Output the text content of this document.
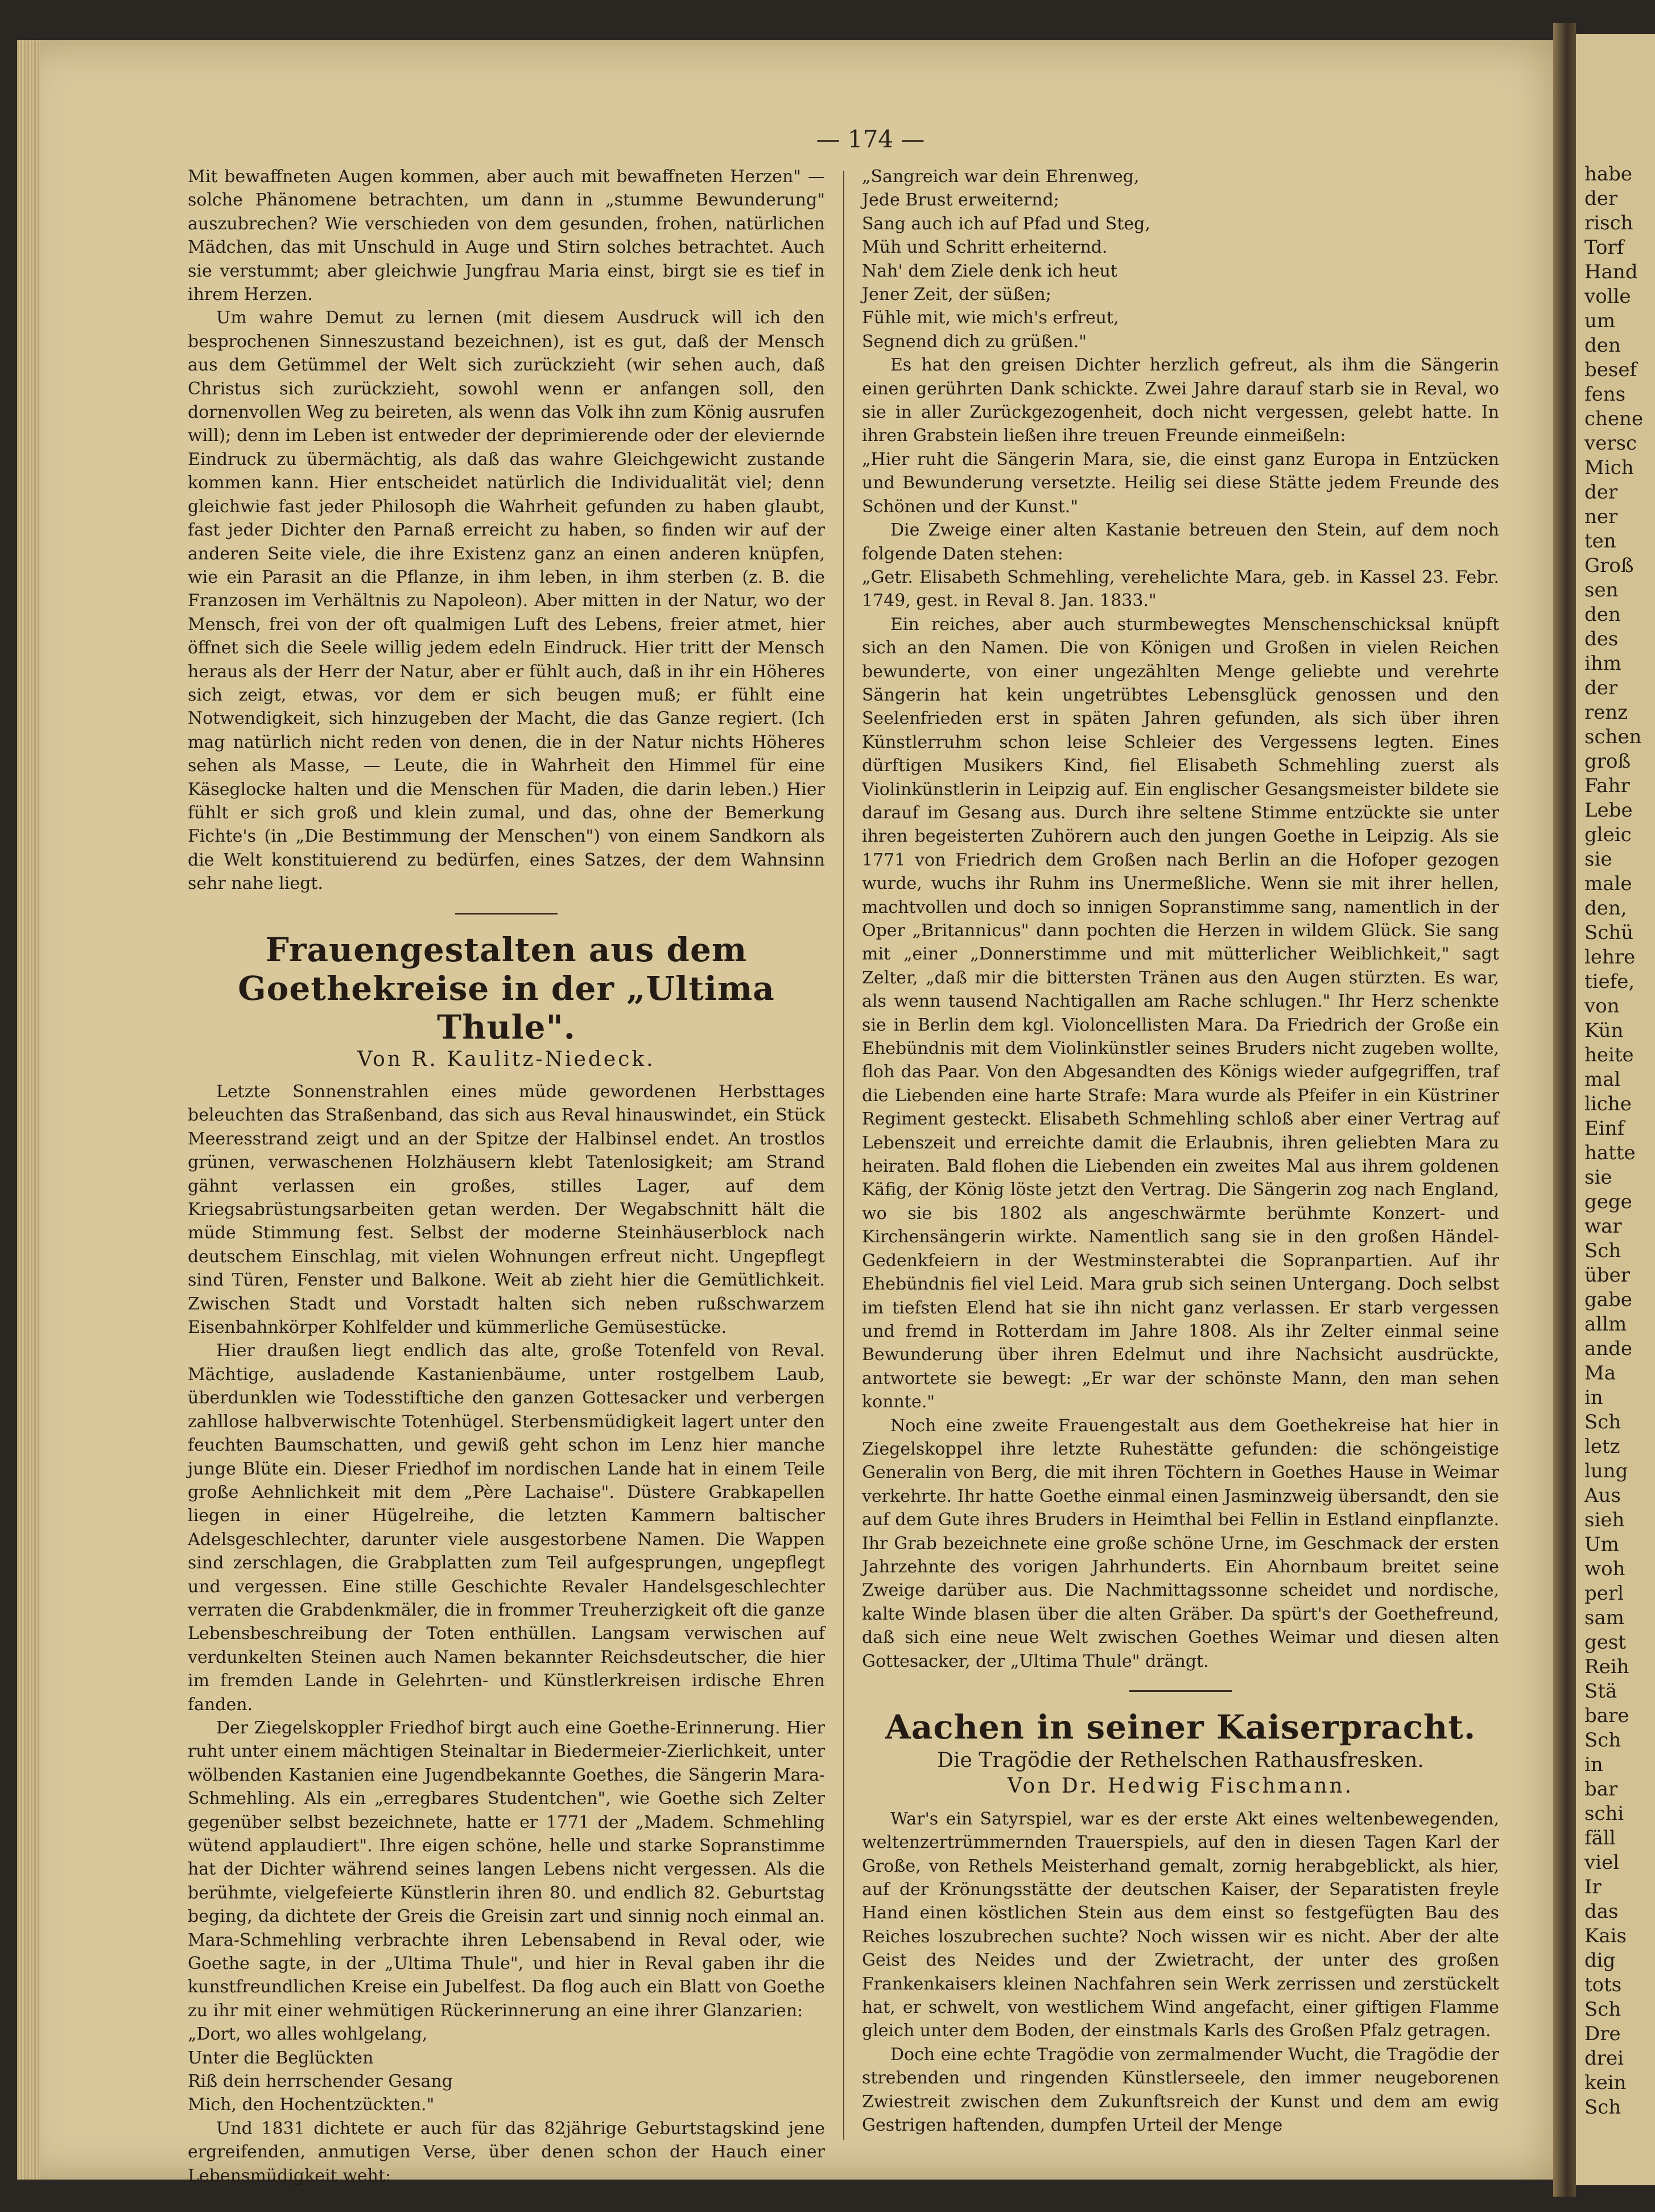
— 174 —

Mit bewaffneten Augen kommen, aber auch mit bewaffneten Herzen" — solche Phänomene betrachten, um dann in „stumme Bewunderung" auszubrechen? Wie verschieden von dem gesunden, frohen, natürlichen Mädchen, das mit Unschuld in Auge und Stirn solches betrachtet. Auch sie verstummt; aber gleichwie Jungfrau Maria einst, birgt sie es tief in ihrem Herzen.

Um wahre Demut zu lernen (mit diesem Ausdruck will ich den besprochenen Sinneszustand bezeichnen), ist es gut, daß der Mensch aus dem Getümmel der Welt sich zurückzieht (wir sehen auch, daß Christus sich zurückzieht, sowohl wenn er anfangen soll, den dornenvollen Weg zu beireten, als wenn das Volk ihn zum König ausrufen will); denn im Leben ist entweder der deprimierende oder der eleviernde Eindruck zu übermächtig, als daß das wahre Gleichgewicht zustande kommen kann. Hier entscheidet natürlich die Individualität viel; denn gleichwie fast jeder Philosoph die Wahrheit gefunden zu haben glaubt, fast jeder Dichter den Parnaß erreicht zu haben, so finden wir auf der anderen Seite viele, die ihre Existenz ganz an einen anderen knüpfen, wie ein Parasit an die Pflanze, in ihm leben, in ihm sterben (z. B. die Franzosen im Verhältnis zu Napoleon). Aber mitten in der Natur, wo der Mensch, frei von der oft qualmigen Luft des Lebens, freier atmet, hier öffnet sich die Seele willig jedem edeln Eindruck. Hier tritt der Mensch heraus als der Herr der Natur, aber er fühlt auch, daß in ihr ein Höheres sich zeigt, etwas, vor dem er sich beugen muß; er fühlt eine Notwendigkeit, sich hinzugeben der Macht, die das Ganze regiert. (Ich mag natürlich nicht reden von denen, die in der Natur nichts Höheres sehen als Masse, — Leute, die in Wahrheit den Himmel für eine Käseglocke halten und die Menschen für Maden, die darin leben.) Hier fühlt er sich groß und klein zumal, und das, ohne der Bemerkung Fichte's (in „Die Bestimmung der Menschen") von einem Sandkorn als die Welt konstituierend zu bedürfen, eines Satzes, der dem Wahnsinn sehr nahe liegt.

Frauengestalten aus dem Goethekreise in der „Ultima Thule".
Von R. Kaulitz-Niedeck.

Letzte Sonnenstrahlen eines müde gewordenen Herbsttages beleuchten das Straßenband, das sich aus Reval hinauswindet, ein Stück Meeresstrand zeigt und an der Spitze der Halbinsel endet. An trostlos grünen, verwaschenen Holzhäusern klebt Tatenlosigkeit; am Strand gähnt verlassen ein großes, stilles Lager, auf dem Kriegsabrüstungsarbeiten getan werden. Der Wegabschnitt hält die müde Stimmung fest. Selbst der moderne Steinhäuserblock nach deutschem Einschlag, mit vielen Wohnungen erfreut nicht. Ungepflegt sind Türen, Fenster und Balkone. Weit ab zieht hier die Gemütlichkeit. Zwischen Stadt und Vorstadt halten sich neben rußschwarzem Eisenbahnkörper Kohlfelder und kümmerliche Gemüsestücke.

Hier draußen liegt endlich das alte, große Totenfeld von Reval. Mächtige, ausladende Kastanienbäume, unter rostgelbem Laub, überdunklen wie Todesstiftiche den ganzen Gottesacker und verbergen zahllose halbverwischte Totenhügel. Sterbensmüdigkeit lagert unter den feuchten Baumschatten, und gewiß geht schon im Lenz hier manche junge Blüte ein. Dieser Friedhof im nordischen Lande hat in einem Teile große Aehnlichkeit mit dem „Père Lachaise". Düstere Grabkapellen liegen in einer Hügelreihe, die letzten Kammern baltischer Adelsgeschlechter, darunter viele ausgestorbene Namen. Die Wappen sind zerschlagen, die Grabplatten zum Teil aufgesprungen, ungepflegt und vergessen. Eine stille Geschichte Revaler Handelsgeschlechter verraten die Grabdenkmäler, die in frommer Treuherzigkeit oft die ganze Lebensbeschreibung der Toten enthüllen. Langsam verwischen auf verdunkelten Steinen auch Namen bekannter Reichsdeutscher, die hier im fremden Lande in Gelehrten- und Künstlerkreisen irdische Ehren fanden.

Der Ziegelskoppler Friedhof birgt auch eine Goethe-Erinnerung. Hier ruht unter einem mächtigen Steinaltar in Biedermeier-Zierlichkeit, unter wölbenden Kastanien eine Jugendbekannte Goethes, die Sängerin Mara-Schmehling. Als ein „erregbares Studentchen", wie Goethe sich Zelter gegenüber selbst bezeichnete, hatte er 1771 der „Madem. Schmehling wütend applaudiert". Ihre eigen schöne, helle und starke Sopranstimme hat der Dichter während seines langen Lebens nicht vergessen. Als die berühmte, vielgefeierte Künstlerin ihren 80. und endlich 82. Geburtstag beging, da dichtete der Greis die Greisin zart und sinnig noch einmal an. Mara-Schmehling verbrachte ihren Lebensabend in Reval oder, wie Goethe sagte, in der „Ultima Thule", und hier in Reval gaben ihr die kunstfreundlichen Kreise ein Jubelfest. Da flog auch ein Blatt von Goethe zu ihr mit einer wehmütigen Rückerinnerung an eine ihrer Glanzarien:

„Dort, wo alles wohlgelang,
Unter die Beglückten
Riß dein herrschender Gesang
Mich, den Hochentzückten."

Und 1831 dichtete er auch für das 82jährige Geburtstagskind jene ergreifenden, anmutigen Verse, über denen schon der Hauch einer Lebensmüdigkeit weht:

„Sangreich war dein Ehrenweg,
Jede Brust erweiternd;
Sang auch ich auf Pfad und Steg,
Müh und Schritt erheiternd.
Nah' dem Ziele denk ich heut
Jener Zeit, der süßen;
Fühle mit, wie mich's erfreut,
Segnend dich zu grüßen."

Es hat den greisen Dichter herzlich gefreut, als ihm die Sängerin einen gerührten Dank schickte. Zwei Jahre darauf starb sie in Reval, wo sie in aller Zurückgezogenheit, doch nicht vergessen, gelebt hatte. In ihren Grabstein ließen ihre treuen Freunde einmeißeln:

„Hier ruht die Sängerin Mara, sie, die einst ganz Europa in Entzücken und Bewunderung versetzte. Heilig sei diese Stätte jedem Freunde des Schönen und der Kunst."

Die Zweige einer alten Kastanie betreuen den Stein, auf dem noch folgende Daten stehen:

„Getr. Elisabeth Schmehling, verehelichte Mara, geb. in Kassel 23. Febr. 1749, gest. in Reval 8. Jan. 1833."

Ein reiches, aber auch sturmbewegtes Menschenschicksal knüpft sich an den Namen. Die von Königen und Großen in vielen Reichen bewunderte, von einer ungezählten Menge geliebte und verehrte Sängerin hat kein ungetrübtes Lebensglück genossen und den Seelenfrieden erst in späten Jahren gefunden, als sich über ihren Künstlerruhm schon leise Schleier des Vergessens legten. Eines dürftigen Musikers Kind, fiel Elisabeth Schmehling zuerst als Violinkünstlerin in Leipzig auf. Ein englischer Gesangsmeister bildete sie darauf im Gesang aus. Durch ihre seltene Stimme entzückte sie unter ihren begeisterten Zuhörern auch den jungen Goethe in Leipzig. Als sie 1771 von Friedrich dem Großen nach Berlin an die Hofoper gezogen wurde, wuchs ihr Ruhm ins Unermeßliche. Wenn sie mit ihrer hellen, machtvollen und doch so innigen Sopranstimme sang, namentlich in der Oper „Britannicus" dann pochten die Herzen in wildem Glück. Sie sang mit „einer „Donnerstimme und mit mütterlicher Weiblichkeit," sagt Zelter, „daß mir die bittersten Tränen aus den Augen stürzten. Es war, als wenn tausend Nachtigallen am Rache schlugen." Ihr Herz schenkte sie in Berlin dem kgl. Violoncellisten Mara. Da Friedrich der Große ein Ehebündnis mit dem Violinkünstler seines Bruders nicht zugeben wollte, floh das Paar. Von den Abgesandten des Königs wieder aufgegriffen, traf die Liebenden eine harte Strafe: Mara wurde als Pfeifer in ein Küstriner Regiment gesteckt. Elisabeth Schmehling schloß aber einer Vertrag auf Lebenszeit und erreichte damit die Erlaubnis, ihren geliebten Mara zu heiraten. Bald flohen die Liebenden ein zweites Mal aus ihrem goldenen Käfig, der König löste jetzt den Vertrag. Die Sängerin zog nach England, wo sie bis 1802 als angeschwärmte berühmte Konzert- und Kirchensängerin wirkte. Namentlich sang sie in den großen Händel-Gedenkfeiern in der Westminsterabtei die Sopranpartien. Auf ihr Ehebündnis fiel viel Leid. Mara grub sich seinen Untergang. Doch selbst im tiefsten Elend hat sie ihn nicht ganz verlassen. Er starb vergessen und fremd in Rotterdam im Jahre 1808. Als ihr Zelter einmal seine Bewunderung über ihren Edelmut und ihre Nachsicht ausdrückte, antwortete sie bewegt: „Er war der schönste Mann, den man sehen konnte."

Noch eine zweite Frauengestalt aus dem Goethekreise hat hier in Ziegelskoppel ihre letzte Ruhestätte gefunden: die schöngeistige Generalin von Berg, die mit ihren Töchtern in Goethes Hause in Weimar verkehrte. Ihr hatte Goethe einmal einen Jasminzweig übersandt, den sie auf dem Gute ihres Bruders in Heimthal bei Fellin in Estland einpflanzte. Ihr Grab bezeichnete eine große schöne Urne, im Geschmack der ersten Jahrzehnte des vorigen Jahrhunderts. Ein Ahornbaum breitet seine Zweige darüber aus. Die Nachmittagssonne scheidet und nordische, kalte Winde blasen über die alten Gräber. Da spürt's der Goethefreund, daß sich eine neue Welt zwischen Goethes Weimar und diesen alten Gottesacker, der „Ultima Thule" drängt.

Aachen in seiner Kaiserpracht.
Die Tragödie der Rethelschen Rathausfresken.
Von Dr. Hedwig Fischmann.

War's ein Satyrspiel, war es der erste Akt eines weltenbewegenden, weltenzertrümmernden Trauerspiels, auf den in diesen Tagen Karl der Große, von Rethels Meisterhand gemalt, zornig herabgeblickt, als hier, auf der Krönungsstätte der deutschen Kaiser, der Separatisten freyle Hand einen köstlichen Stein aus dem einst so festgefügten Bau des Reiches loszubrechen suchte? Noch wissen wir es nicht. Aber der alte Geist des Neides und der Zwietracht, der unter des großen Frankenkaisers kleinen Nachfahren sein Werk zerrissen und zerstückelt hat, er schwelt, von westlichem Wind angefacht, einer giftigen Flamme gleich unter dem Boden, der einstmals Karls des Großen Pfalz getragen.

Doch eine echte Tragödie von zermalmender Wucht, die Tragödie der strebenden und ringenden Künstlerseele, den immer neugeborenen Zwiestreit zwischen dem Zukunftsreich der Kunst und dem am ewig Gestrigen haftenden, dumpfen Urteil der Menge

habe
der
risch
Torf
Hand
volle
um
den
besef
fens
chene
versc
Mich
der
ner
ten
Groß
sen
den
des
ihm
der
renz
schen
groß
Fahr
Lebe
gleic
sie
male
den,
Schü
lehre
tiefe,
von
Kün
heite
mal
liche
Einf
hatte
sie
gege
war
Sch
über
gabe
allm
ande
Ma
in
Sch
letz
lung
Aus
sieh
Um
woh
perl
sam
gest
Reih
Stä
bare
Sch
in
bar
schi
fäll
viel
Ir
das
Kais
dig
tots
Sch
Dre
drei
kein
Sch
